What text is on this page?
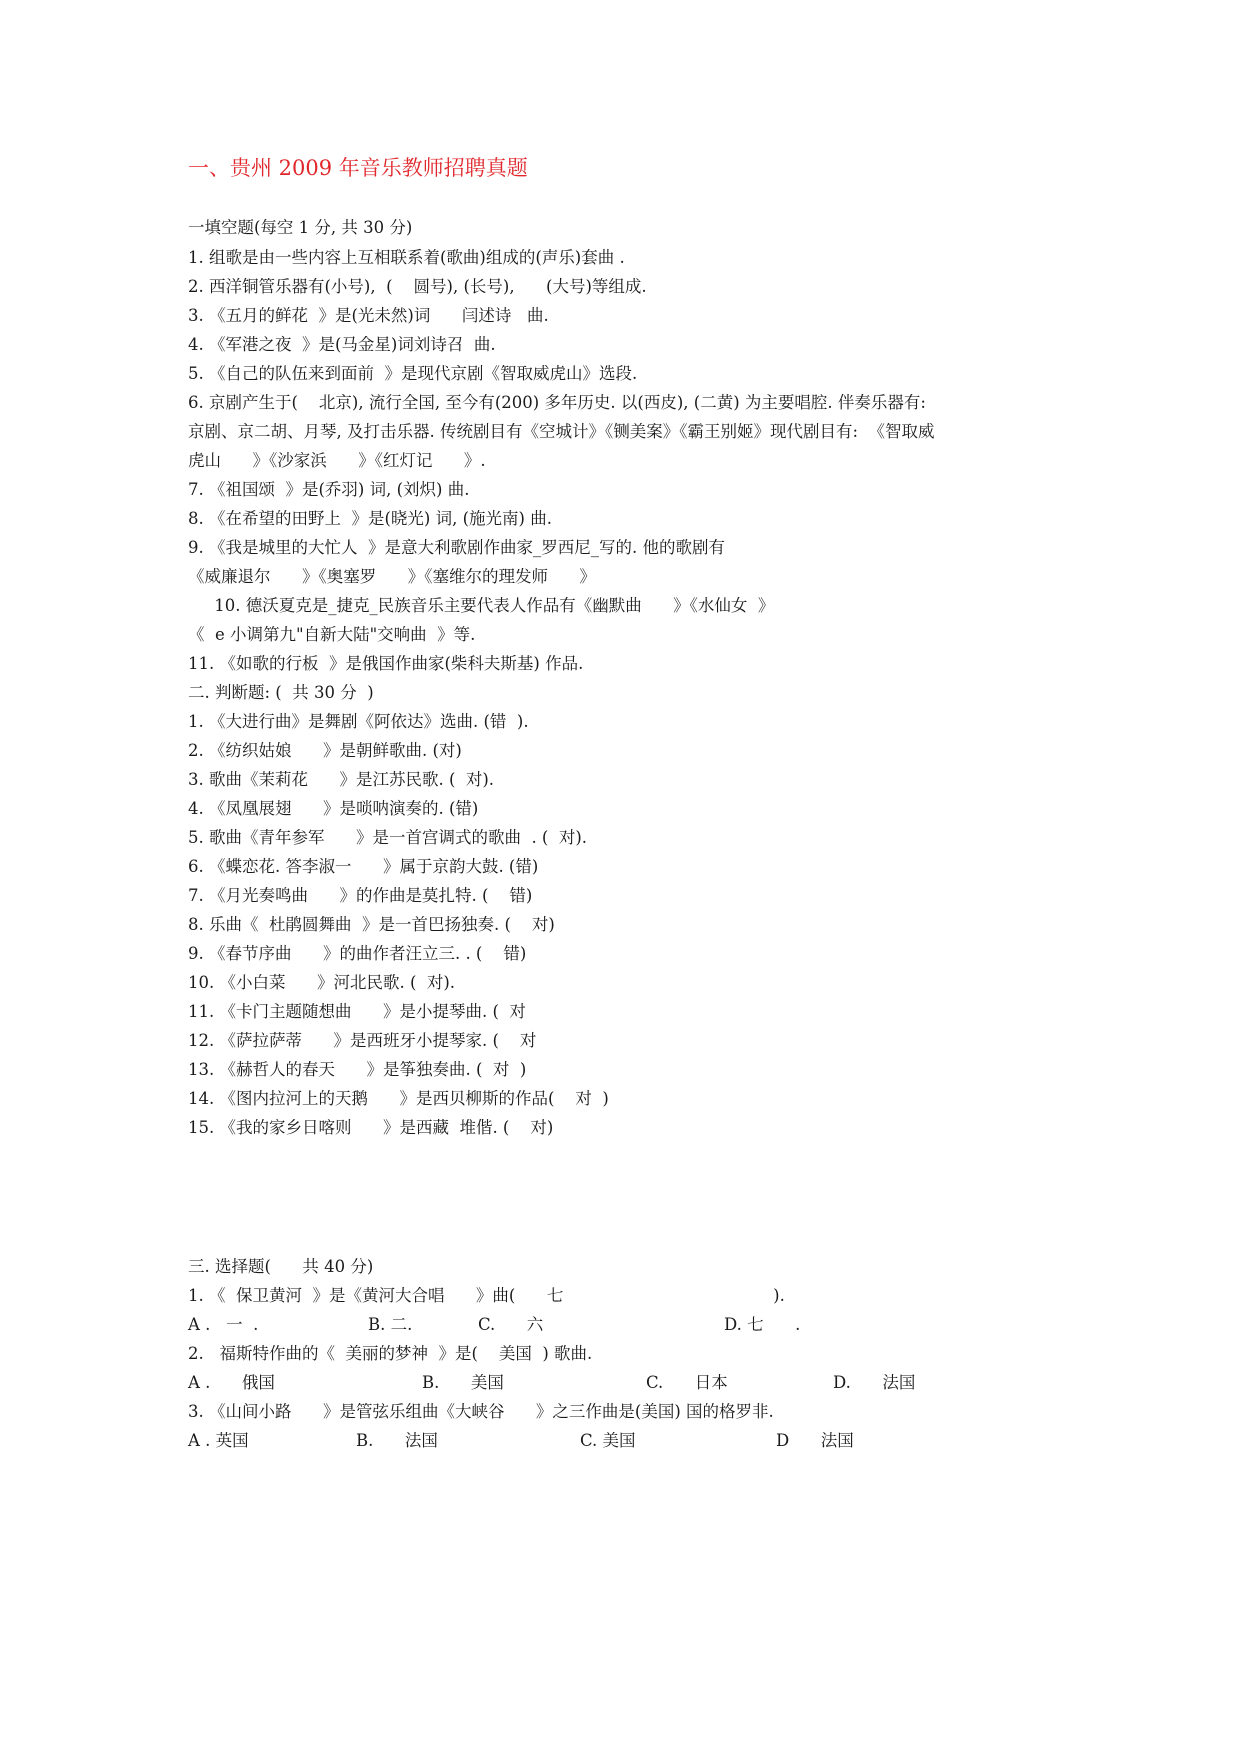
一、贵州 2009 年音乐教师招聘真题
一填空题(每空 1 分, 共 30 分)
1. 组歌是由一些内容上互相联系着(歌曲)组成的(声乐)套曲 .
2. 西洋铜管乐器有(小号),  (    圆号), (长号),      (大号)等组成.
3. 《五月的鲜花  》是(光未然)词      闫述诗   曲.
4. 《军港之夜  》是(马金星)词刘诗召  曲.
5. 《自己的队伍来到面前  》是现代京剧《智取威虎山》选段.
6. 京剧产生于(    北京), 流行全国, 至今有(200) 多年历史. 以(西皮), (二黄) 为主要唱腔. 伴奏乐器有:
京剧、京二胡、月琴, 及打击乐器. 传统剧目有《空城计》《铡美案》《霸王别姬》现代剧目有:  《智取威
虎山      》《沙家浜      》《红灯记      》.
7. 《祖国颂  》是(乔羽) 词, (刘炽) 曲.
8. 《在希望的田野上  》是(晓光) 词, (施光南) 曲.
9. 《我是城里的大忙人  》是意大利歌剧作曲家_罗西尼_写的. 他的歌剧有
《威廉退尔      》《奥塞罗      》《塞维尔的理发师      》
10. 德沃夏克是_捷克_民族音乐主要代表人作品有《幽默曲      》《水仙女  》
《  e 小调第九"自新大陆"交响曲  》等.
11. 《如歌的行板  》是俄国作曲家(柴科夫斯基) 作品.
二. 判断题: (  共 30 分  )
1. 《大进行曲》是舞剧《阿依达》选曲. (错  ).
2. 《纺织姑娘      》是朝鲜歌曲. (对)
3. 歌曲《茉莉花      》是江苏民歌. (  对).
4. 《凤凰展翅      》是唢呐演奏的. (错)
5. 歌曲《青年参军      》是一首宫调式的歌曲  . (  对).
6. 《蝶恋花. 答李淑一      》属于京韵大鼓. (错)
7. 《月光奏鸣曲      》的作曲是莫扎特. (    错)
8. 乐曲《  杜鹃圆舞曲  》是一首巴扬独奏. (    对)
9. 《春节序曲      》的曲作者汪立三. . (    错)
10. 《小白菜      》河北民歌. (  对).
11. 《卡门主题随想曲      》是小提琴曲. (  对
12. 《萨拉萨蒂      》是西班牙小提琴家. (    对
13. 《赫哲人的春天      》是筝独奏曲. (  对  )
14. 《图内拉河上的天鹅      》是西贝柳斯的作品(    对  )
15. 《我的家乡日喀则      》是西藏  堆偕. (    对)
三. 选择题(      共 40 分)
1. 《  保卫黄河  》是《黄河大合唱      》曲(      七                                        ).
A .   一  .	B. 二.	C.      六	D. 七      .
2.   福斯特作曲的《  美丽的梦神  》是(    美国  ) 歌曲.
A .      俄国	B.      美国	C.      日本	D.      法国
3. 《山间小路      》是管弦乐组曲《大峡谷      》之三作曲是(美国) 国的格罗非.
A . 英国	B.      法国	C. 美国	D      法国
